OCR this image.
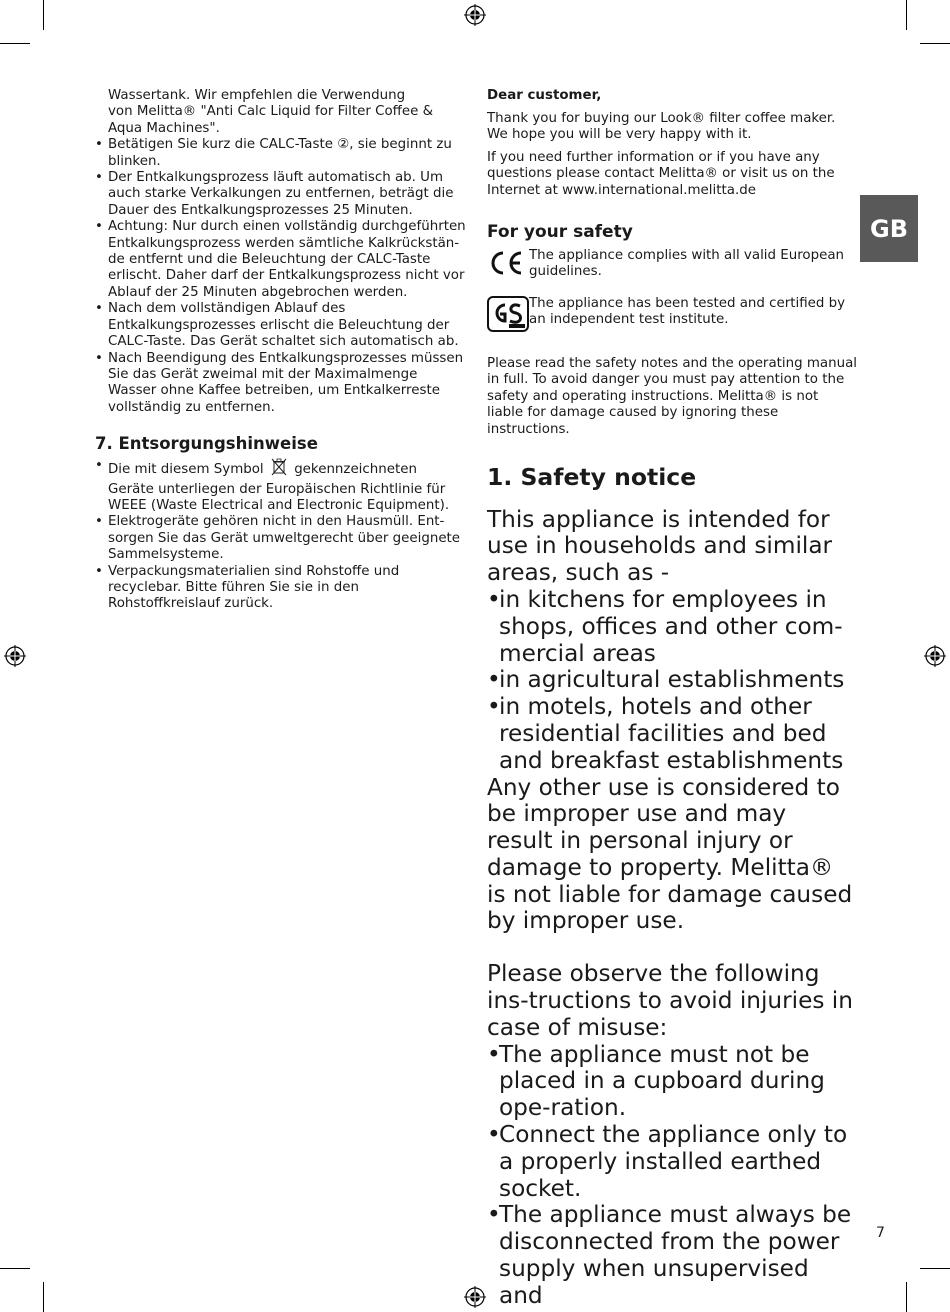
Wassertank. Wir empfehlen die Verwendung
von Melitta® "Anti Calc Liquid for Filter Coffee &
Aqua Machines".
• Betätigen Sie kurz die CALC-Taste ②, sie beginnt zu blinken.
• Der Entkalkungsprozess läuft automatisch ab. Um auch starke Verkalkungen zu entfernen, beträgt die Dauer des Entkalkungsprozesses 25 Minuten.
• Achtung: Nur durch einen vollständig durchgeführten Entkalkungsprozess werden sämtliche Kalkrückstän-de entfernt und die Beleuchtung der CALC-Taste erlischt. Daher darf der Entkalkungsprozess nicht vor Ablauf der 25 Minuten abgebrochen werden.
• Nach dem vollständigen Ablauf des Entkalkungsprozesses erlischt die Beleuchtung der CALC-Taste. Das Gerät schaltet sich automatisch ab.
• Nach Beendigung des Entkalkungsprozesses müssen Sie das Gerät zweimal mit der Maximalmenge Wasser ohne Kaffee betreiben, um Entkalkerreste vollständig zu entfernen.
7. Entsorgungshinweise
• Die mit diesem Symbol gekennzeichneten Geräte unterliegen der Europäischen Richtlinie für WEEE (Waste Electrical and Electronic Equipment).
• Elektrogeräte gehören nicht in den Hausmüll. Ent-sorgen Sie das Gerät umweltgerecht über geeignete Sammelsysteme.
• Verpackungsmaterialien sind Rohstoffe und recyclebar. Bitte führen Sie sie in den Rohstoffkreislauf zurück.
Dear customer,
Thank you for buying our Look® filter coffee maker. We hope you will be very happy with it.
If you need further information or if you have any questions please contact Melitta® or visit us on the Internet at www.international.melitta.de
For your safety
The appliance complies with all valid European guidelines.
The appliance has been tested and certified by an independent test institute.
Please read the safety notes and the operating manual in full. To avoid danger you must pay attention to the safety and operating instructions. Melitta® is not liable for damage caused by ignoring these instructions.
1. Safety notice
This appliance is intended for use in households and similar areas, such as -
• in kitchens for employees in shops, offices and other com-mercial areas
• in agricultural establishments
• in motels, hotels and other residential facilities and bed and breakfast establishments
Any other use is considered to be improper use and may result in personal injury or damage to property. Melitta® is not liable for damage caused by improper use.
Please observe the following ins-tructions to avoid injuries in case of misuse:
• The appliance must not be placed in a cupboard during ope-ration.
• Connect the appliance only to a properly installed earthed socket.
• The appliance must always be disconnected from the power supply when unsupervised and
GB
7
